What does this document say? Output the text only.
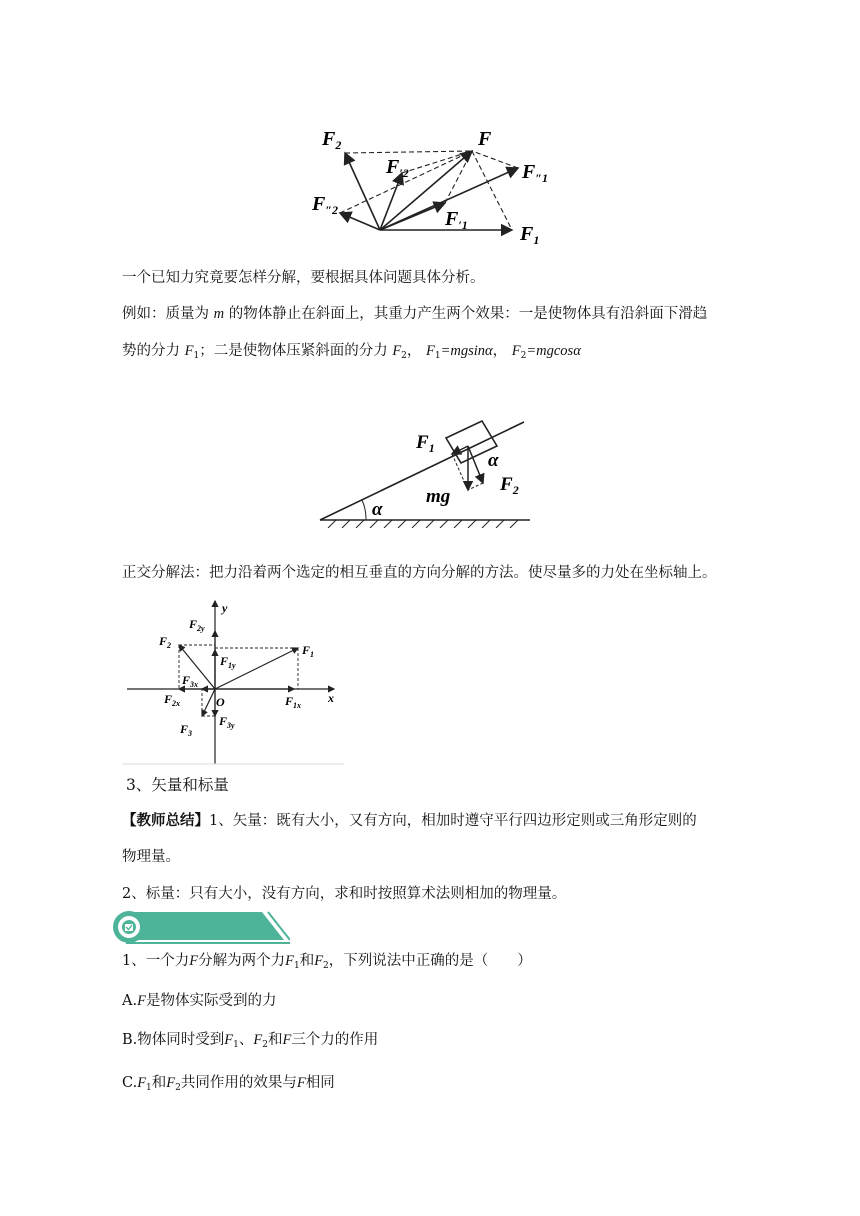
F
$F_2$
$F_{'2}$	$F_{''1}$
$F_{''2}$	$F_{'1}$	$F_1$
一个已知力究竟要怎样分解，要根据具体问题具体分析。
例如：质量为 m 的物体静止在斜面上，其重力产生两个效果：一是使物体具有沿斜面下滑趋
势的分力 $F_1$；二是使物体压紧斜面的分力 $F_2$， $F_1=mgsin\alpha$， $F_2=mgcos\alpha$
$F_1$
α
mg
$F_2$
α
正交分解法：把力沿着两个选定的相互垂直的方向分解的方法。使尽量多的力处在坐标轴上。
y
x
O
$F_1$
$F_2$
$F_3$
$F_{1x}$
$F_{1y}$
$F_{2x}$
$F_{2y}$
$F_{3x}$
$F_{3y}$
3、矢量和标量
【教师总结】1、矢量：既有大小，又有方向，相加时遵守平行四边形定则或三角形定则的
物理量。
2、标量：只有大小，没有方向，求和时按照算术法则相加的物理量。
1、一个力F分解为两个力$F_1$和$F_2$，下列说法中正确的是（　　）
A.F是物体实际受到的力
B.物体同时受到$F_1$、$F_2$和F三个力的作用
$C.F_1$和$F_2$共同作用的效果与F相同
